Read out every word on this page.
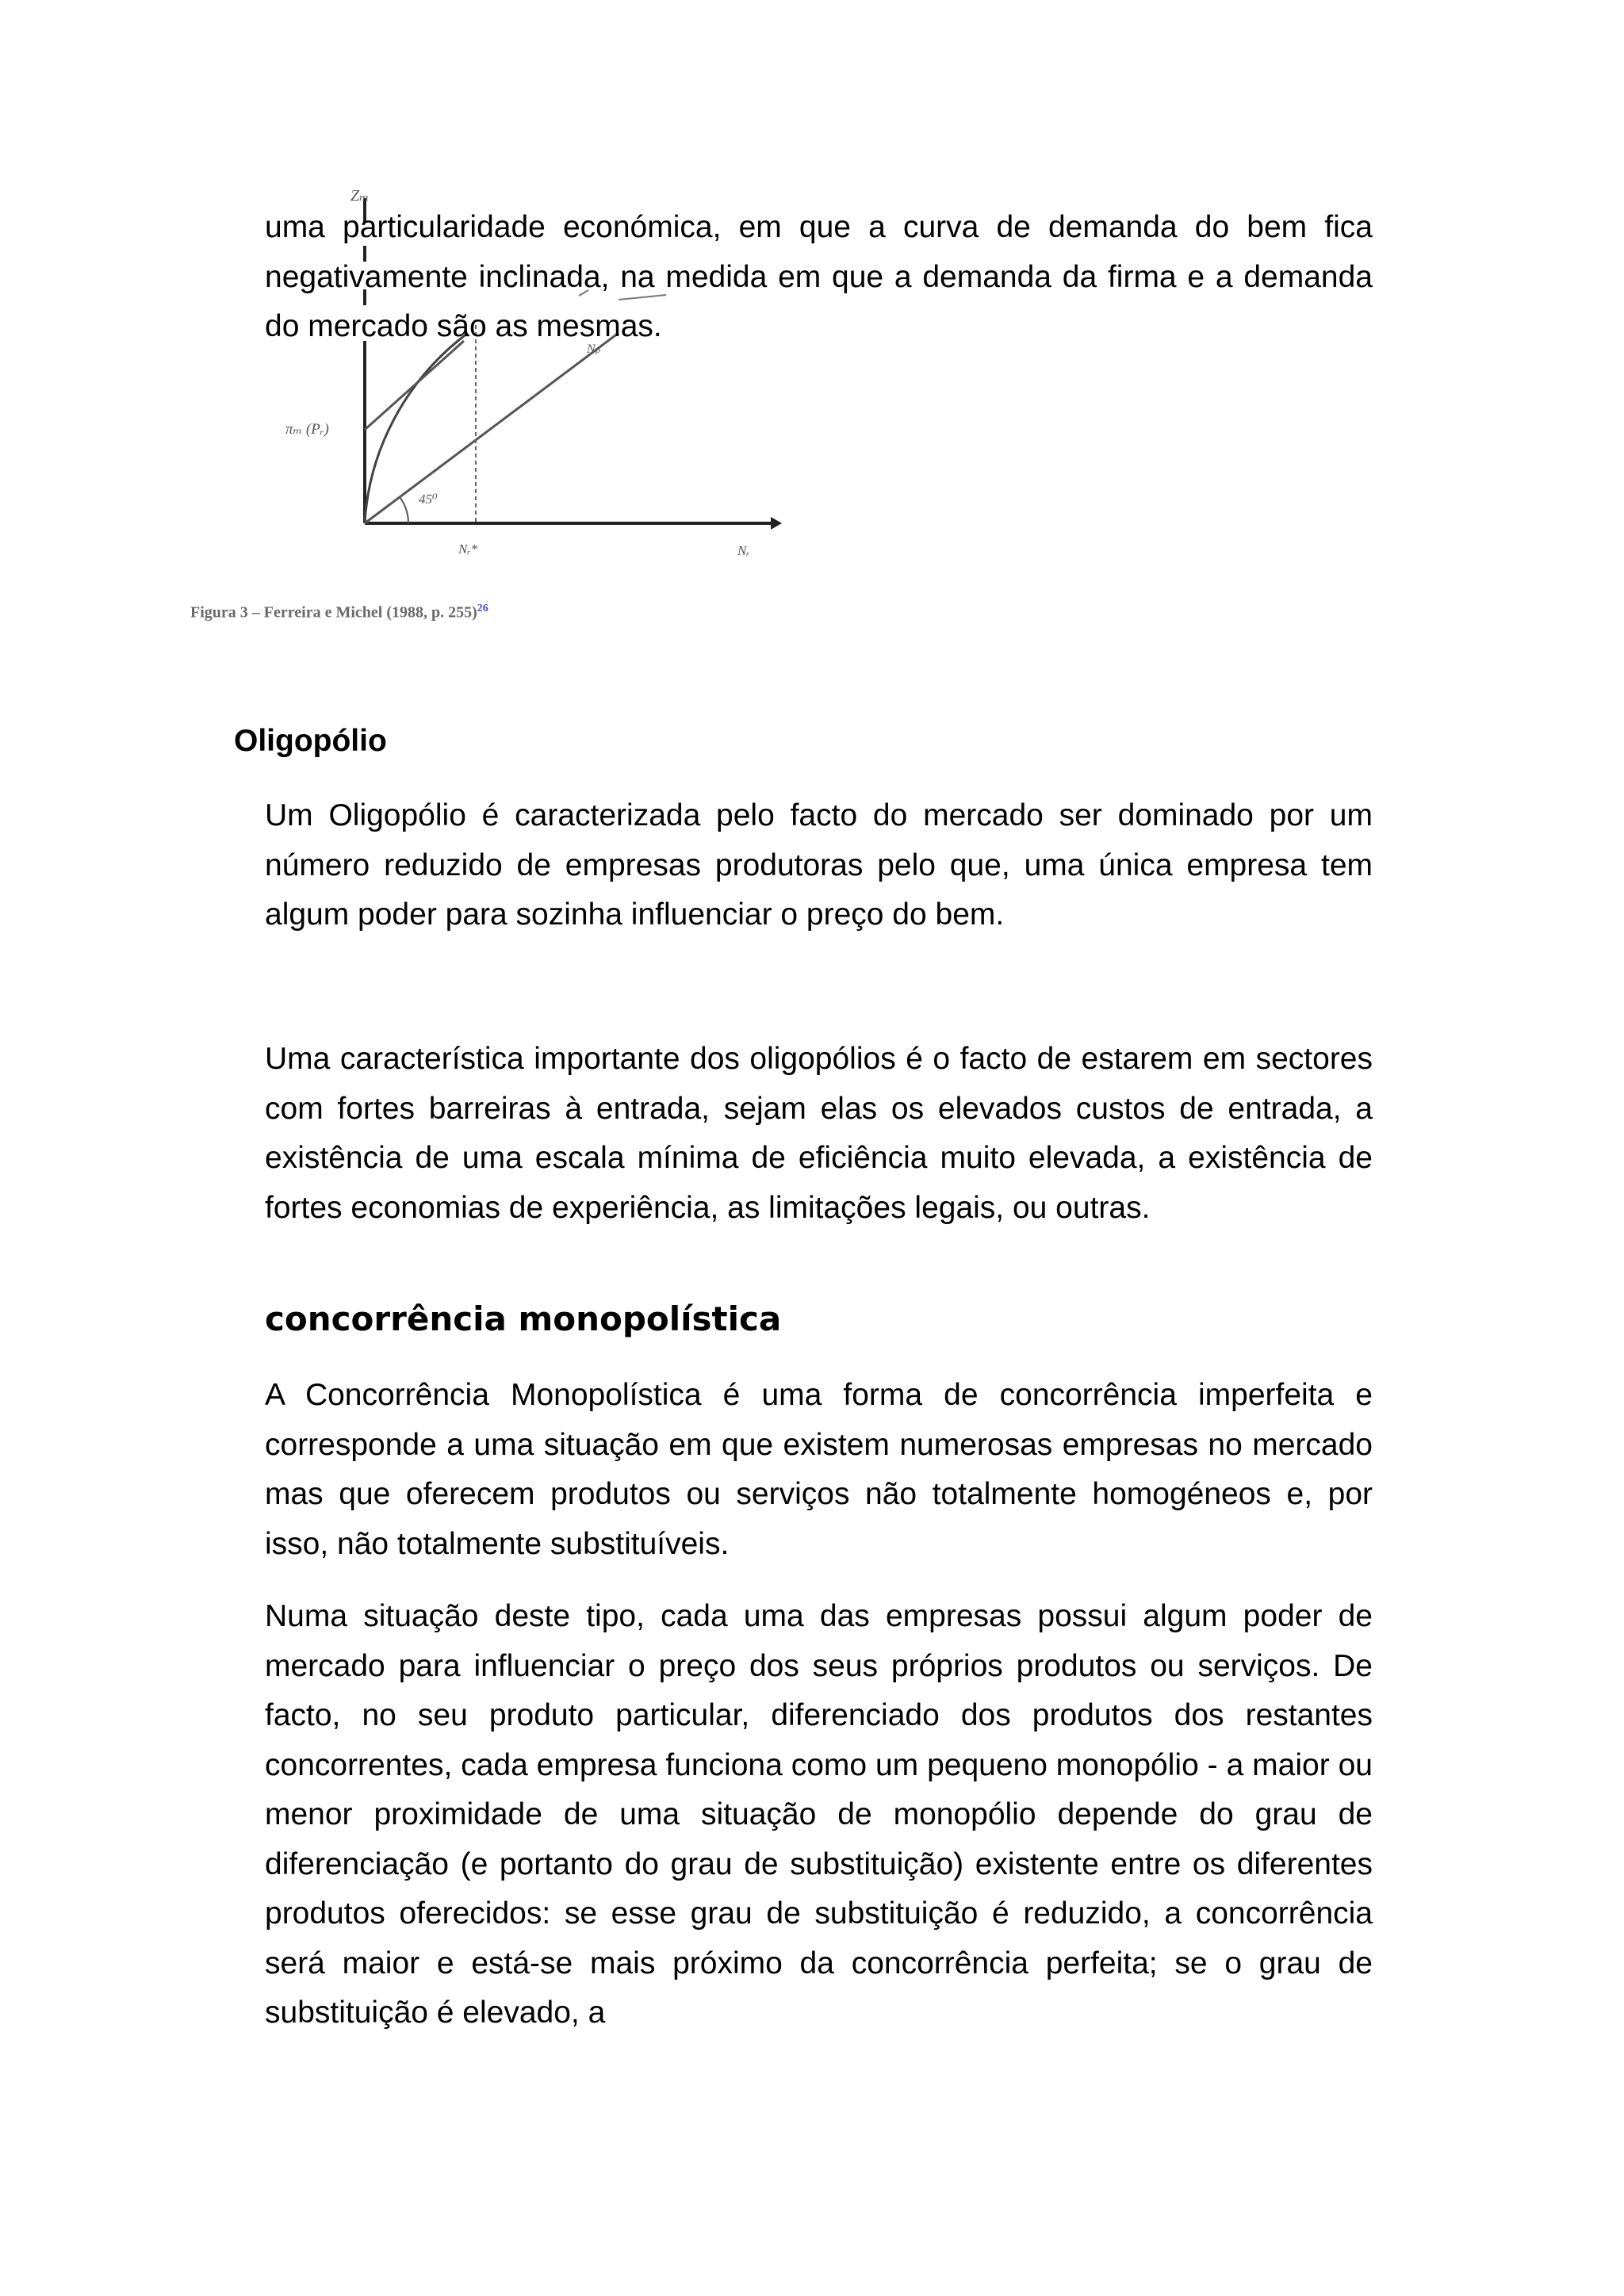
Zₘ
πₘ (Pᵣ)
Nₚ
45⁰
Nᵣ*	Nᵣ

uma particularidade económica, em que a curva de demanda do bem fica negativamente inclinada, na medida em que a demanda da firma e a demanda do mercado são as mesmas.

Figura 3 – Ferreira e Michel (1988, p. 255)$^{26}$

Oligopólio

Um Oligopólio é caracterizada pelo facto do mercado ser dominado por um número reduzido de empresas produtoras pelo que, uma única empresa tem algum poder para sozinha influenciar o preço do bem.

Uma característica importante dos oligopólios é o facto de estarem em sectores com fortes barreiras à entrada, sejam elas os elevados custos de entrada, a existência de uma escala mínima de eficiência muito elevada, a existência de fortes economias de experiência, as limitações legais, ou outras.

concorrência monopolística

A Concorrência Monopolística é uma forma de concorrência imperfeita e corresponde a uma situação em que existem numerosas empresas no mercado mas que oferecem produtos ou serviços não totalmente homogéneos e, por isso, não totalmente substituíveis.

Numa situação deste tipo, cada uma das empresas possui algum poder de mercado para influenciar o preço dos seus próprios produtos ou serviços. De facto, no seu produto particular, diferenciado dos produtos dos restantes concorrentes, cada empresa funciona como um pequeno monopólio - a maior ou menor proximidade de uma situação de monopólio depende do grau de diferenciação (e portanto do grau de substituição) existente entre os diferentes produtos oferecidos: se esse grau de substituição é reduzido, a concorrência será maior e está-se mais próximo da concorrência perfeita; se o grau de substituição é elevado, a
